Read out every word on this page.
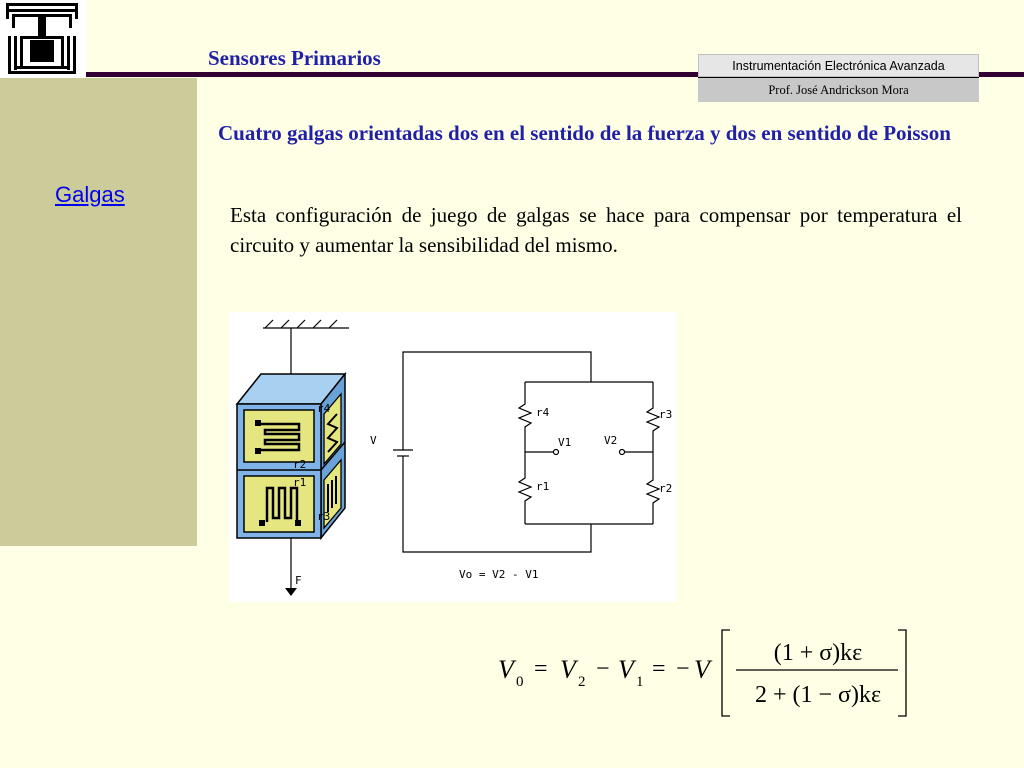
Sensores Primarios	Instrumentación Electrónica Avanzada
Prof. José Andrickson Mora
Galgas
Cuatro galgas orientadas dos en el sentido de la fuerza y dos en sentido de Poisson

Esta configuración de juego de galgas se hace para compensar por temperatura el circuito y aumentar la sensibilidad del mismo.

r4
r2
r1
r3
F
V
r4	r3
V1	V2
r1	r2
Vo = V2 - V1
V 0 = V 2 − V 1 = − V
(1 + σ)kε
2 + (1 − σ)kε
